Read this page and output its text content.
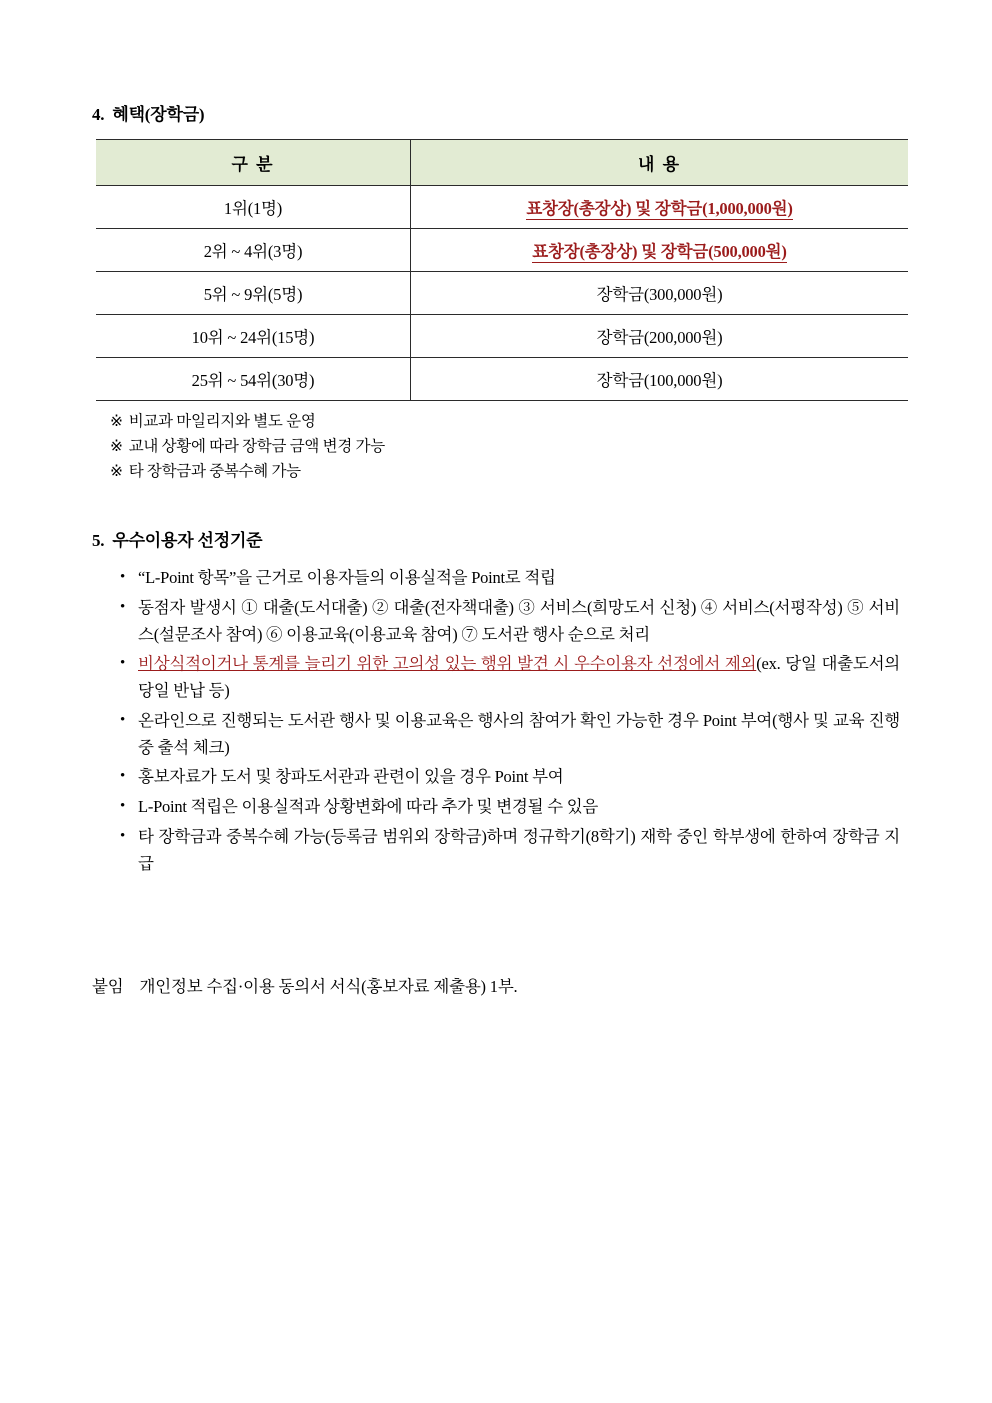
4. 혜택(장학금)
구 분	내 용
1위(1명)	표창장(총장상) 및 장학금(1,000,000원)
2위 ~ 4위(3명)	표창장(총장상) 및 장학금(500,000원)
5위 ~ 9위(5명)	장학금(300,000원)
10위 ~ 24위(15명)	장학금(200,000원)
25위 ~ 54위(30명)	장학금(100,000원)
※ 비교과 마일리지와 별도 운영
※ 교내 상황에 따라 장학금 금액 변경 가능
※ 타 장학금과 중복수혜 가능
5. 우수이용자 선정기준
• “L-Point 항목”을 근거로 이용자들의 이용실적을 Point로 적립
• 동점자 발생시 ① 대출(도서대출) ② 대출(전자책대출) ③ 서비스(희망도서 신청) ④ 서비스(서평작성) ⑤ 서비스(설문조사 참여) ⑥ 이용교육(이용교육 참여) ⑦ 도서관 행사 순으로 처리
• 비상식적이거나 통계를 늘리기 위한 고의성 있는 행위 발견 시 우수이용자 선정에서 제외(ex. 당일 대출도서의 당일 반납 등)
• 온라인으로 진행되는 도서관 행사 및 이용교육은 행사의 참여가 확인 가능한 경우 Point 부여(행사 및 교육 진행 중 출석 체크)
• 홍보자료가 도서 및 창파도서관과 관련이 있을 경우 Point 부여
• L-Point 적립은 이용실적과 상황변화에 따라 추가 및 변경될 수 있음
• 타 장학금과 중복수혜 가능(등록금 범위외 장학금)하며 정규학기(8학기) 재학 중인 학부생에 한하여 장학금 지급
붙임 개인정보 수집·이용 동의서 서식(홍보자료 제출용) 1부.
